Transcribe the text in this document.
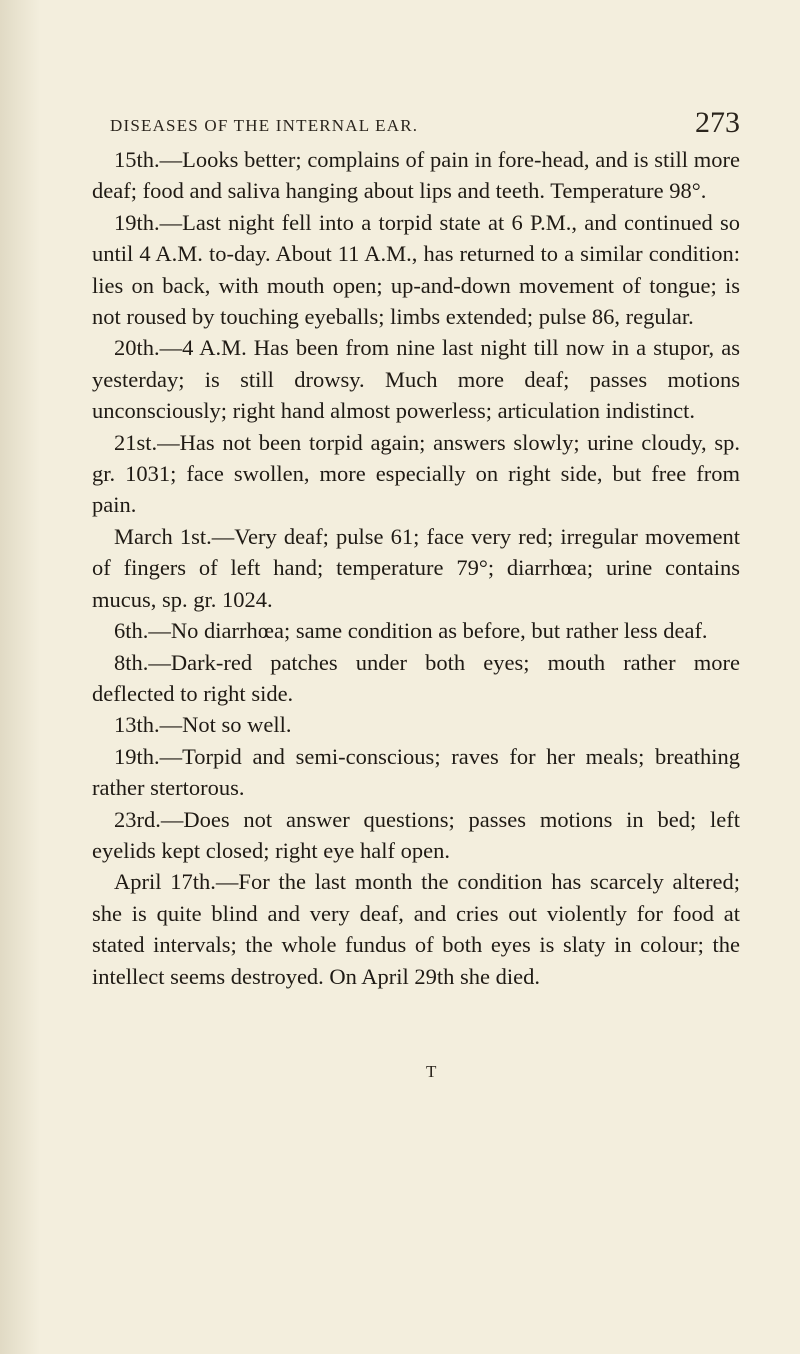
DISEASES OF THE INTERNAL EAR.	273

15th.—Looks better; complains of pain in fore-head, and is still more deaf; food and saliva hanging about lips and teeth. Temperature 98°.

19th.—Last night fell into a torpid state at 6 P.M., and continued so until 4 A.M. to-day. About 11 A.M., has returned to a similar condition: lies on back, with mouth open; up-and-down movement of tongue; is not roused by touching eyeballs; limbs extended; pulse 86, regular.

20th.—4 A.M. Has been from nine last night till now in a stupor, as yesterday; is still drowsy. Much more deaf; passes motions unconsciously; right hand almost powerless; articulation indistinct.

21st.—Has not been torpid again; answers slowly; urine cloudy, sp. gr. 1031; face swollen, more especially on right side, but free from pain.

March 1st.—Very deaf; pulse 61; face very red; irregular movement of fingers of left hand; temperature 79°; diarrhœa; urine contains mucus, sp. gr. 1024.

6th.—No diarrhœa; same condition as before, but rather less deaf.

8th.—Dark-red patches under both eyes; mouth rather more deflected to right side.

13th.—Not so well.

19th.—Torpid and semi-conscious; raves for her meals; breathing rather stertorous.

23rd.—Does not answer questions; passes motions in bed; left eyelids kept closed; right eye half open.

April 17th.—For the last month the condition has scarcely altered; she is quite blind and very deaf, and cries out violently for food at stated intervals; the whole fundus of both eyes is slaty in colour; the intellect seems destroyed. On April 29th she died.

T
